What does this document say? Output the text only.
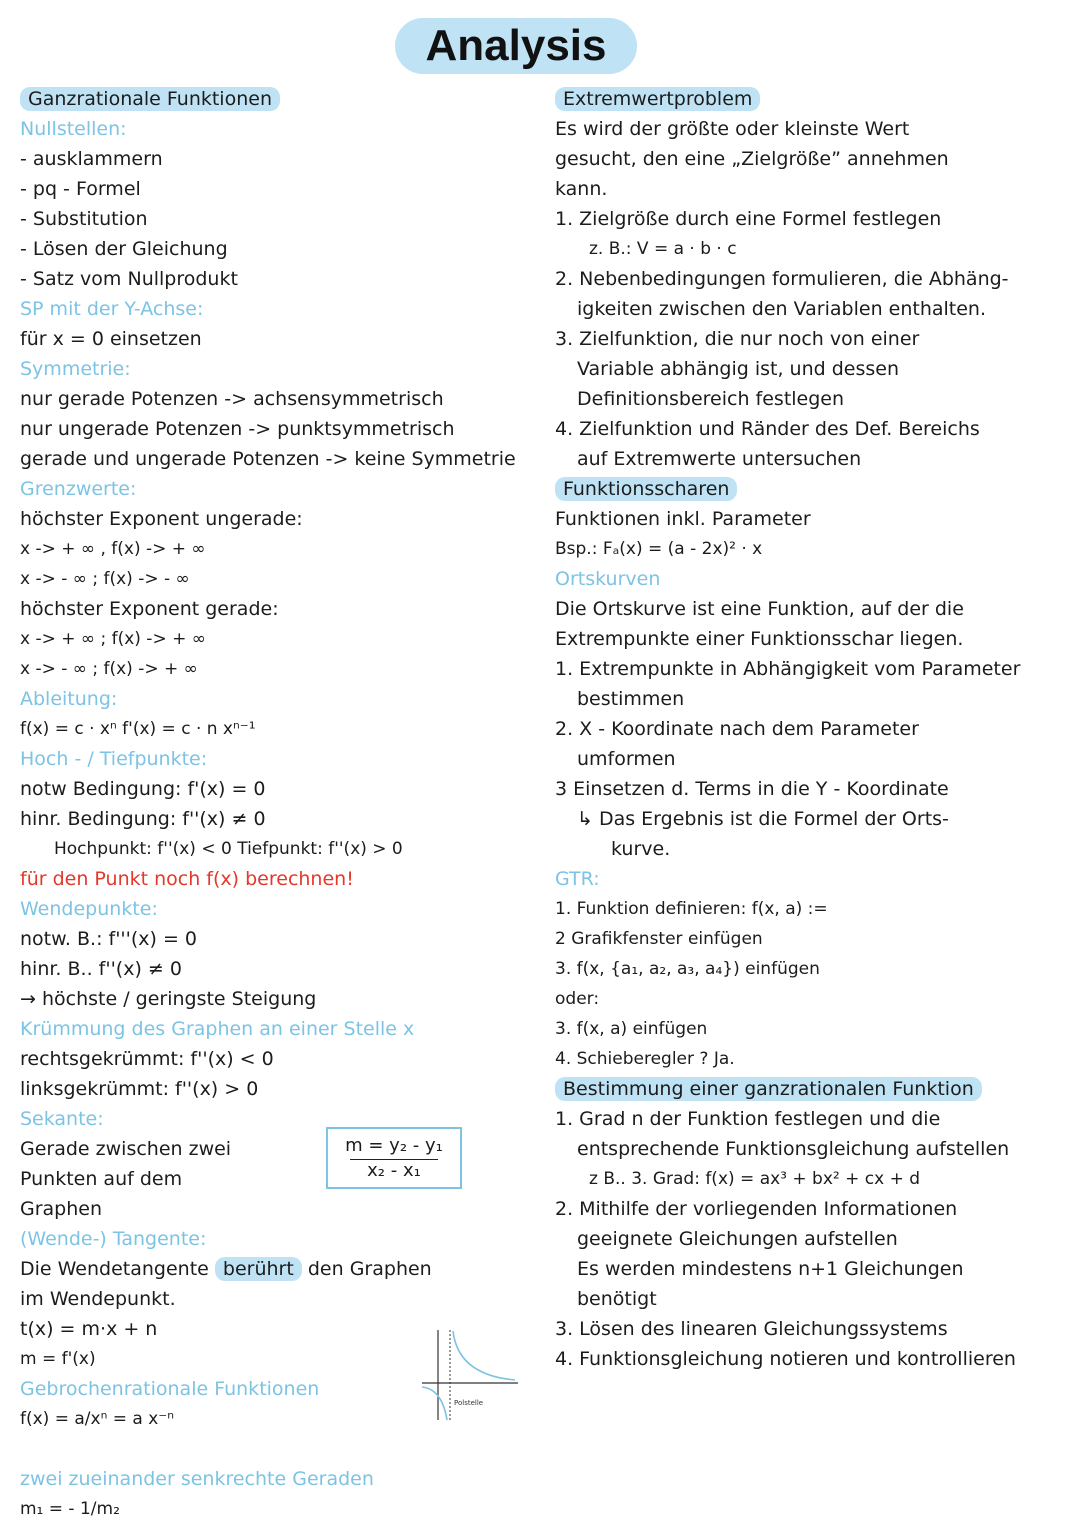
Analysis
Ganzrationale Funktionen
Nullstellen:
- ausklammern
- pq - Formel
- Substitution
- Lösen der Gleichung
- Satz vom Nullprodukt
SP mit der Y-Achse:
für x = 0 einsetzen
Symmetrie:
nur gerade Potenzen -> achsensymmetrisch
nur ungerade Potenzen -> punktsymmetrisch
gerade und ungerade Potenzen -> keine Symmetrie
Grenzwerte:
höchster Exponent ungerade:
x -> + ∞ , f(x) -> + ∞
x -> - ∞ ; f(x) -> - ∞
höchster Exponent gerade:
x -> + ∞ ; f(x) -> + ∞
x -> - ∞ ; f(x) -> + ∞
Ableitung:
f(x) = c · xⁿ f'(x) = c · n xⁿ⁻¹
Hoch - / Tiefpunkte:
notw Bedingung: f'(x) = 0
hinr. Bedingung: f''(x) ≠ 0
Hochpunkt: f''(x) < 0 Tiefpunkt: f''(x) > 0
für den Punkt noch f(x) berechnen!
Wendepunkte:
notw. B.: f'''(x) = 0
hinr. B.. f''(x) ≠ 0
→ höchste / geringste Steigung
Krümmung des Graphen an einer Stelle x
rechtsgekrümmt: f''(x) < 0
linksgekrümmt: f''(x) > 0
Sekante:
Gerade zwischen zwei
Punkten auf dem
Graphen
(Wende-) Tangente:
Die Wendetangente berührt den Graphen
im Wendepunkt.
t(x) = m·x + n
m = f'(x)
Gebrochenrationale Funktionen
f(x) = a/xⁿ = a x⁻ⁿ
zwei zueinander senkrechte Geraden
m₁ = - 1/m₂
$\frac{\text{m = y₂ - y₁}}{\text{x₂ - x₁}}$
Polstelle
Extremwertproblem
Es wird der größte oder kleinste Wert
gesucht, den eine „Zielgröße” annehmen
kann.
1. Zielgröße durch eine Formel festlegen
z. B.: V = a · b · c
2. Nebenbedingungen formulieren, die Abhäng-
igkeiten zwischen den Variablen enthalten.
3. Zielfunktion, die nur noch von einer
Variable abhängig ist, und dessen
Definitionsbereich festlegen
4. Zielfunktion und Ränder des Def. Bereichs
auf Extremwerte untersuchen
Funktionsscharen
Funktionen inkl. Parameter
Bsp.: Fₐ(x) = (a - 2x)² · x
Ortskurven
Die Ortskurve ist eine Funktion, auf der die
Extrempunkte einer Funktionsschar liegen.
1. Extrempunkte in Abhängigkeit vom Parameter
bestimmen
2. X - Koordinate nach dem Parameter
umformen
3 Einsetzen d. Terms in die Y - Koordinate
↳ Das Ergebnis ist die Formel der Orts-
kurve.
GTR:
1. Funktion definieren: f(x, a) :=
2 Grafikfenster einfügen
3. f(x, {a₁, a₂, a₃, a₄}) einfügen
oder:
3. f(x, a) einfügen
4. Schieberegler ? Ja.
Bestimmung einer ganzrationalen Funktion
1. Grad n der Funktion festlegen und die
entsprechende Funktionsgleichung aufstellen
z B.. 3. Grad: f(x) = ax³ + bx² + cx + d
2. Mithilfe der vorliegenden Informationen
geeignete Gleichungen aufstellen
Es werden mindestens n+1 Gleichungen
benötigt
3. Lösen des linearen Gleichungssystems
4. Funktionsgleichung notieren und kontrollieren
